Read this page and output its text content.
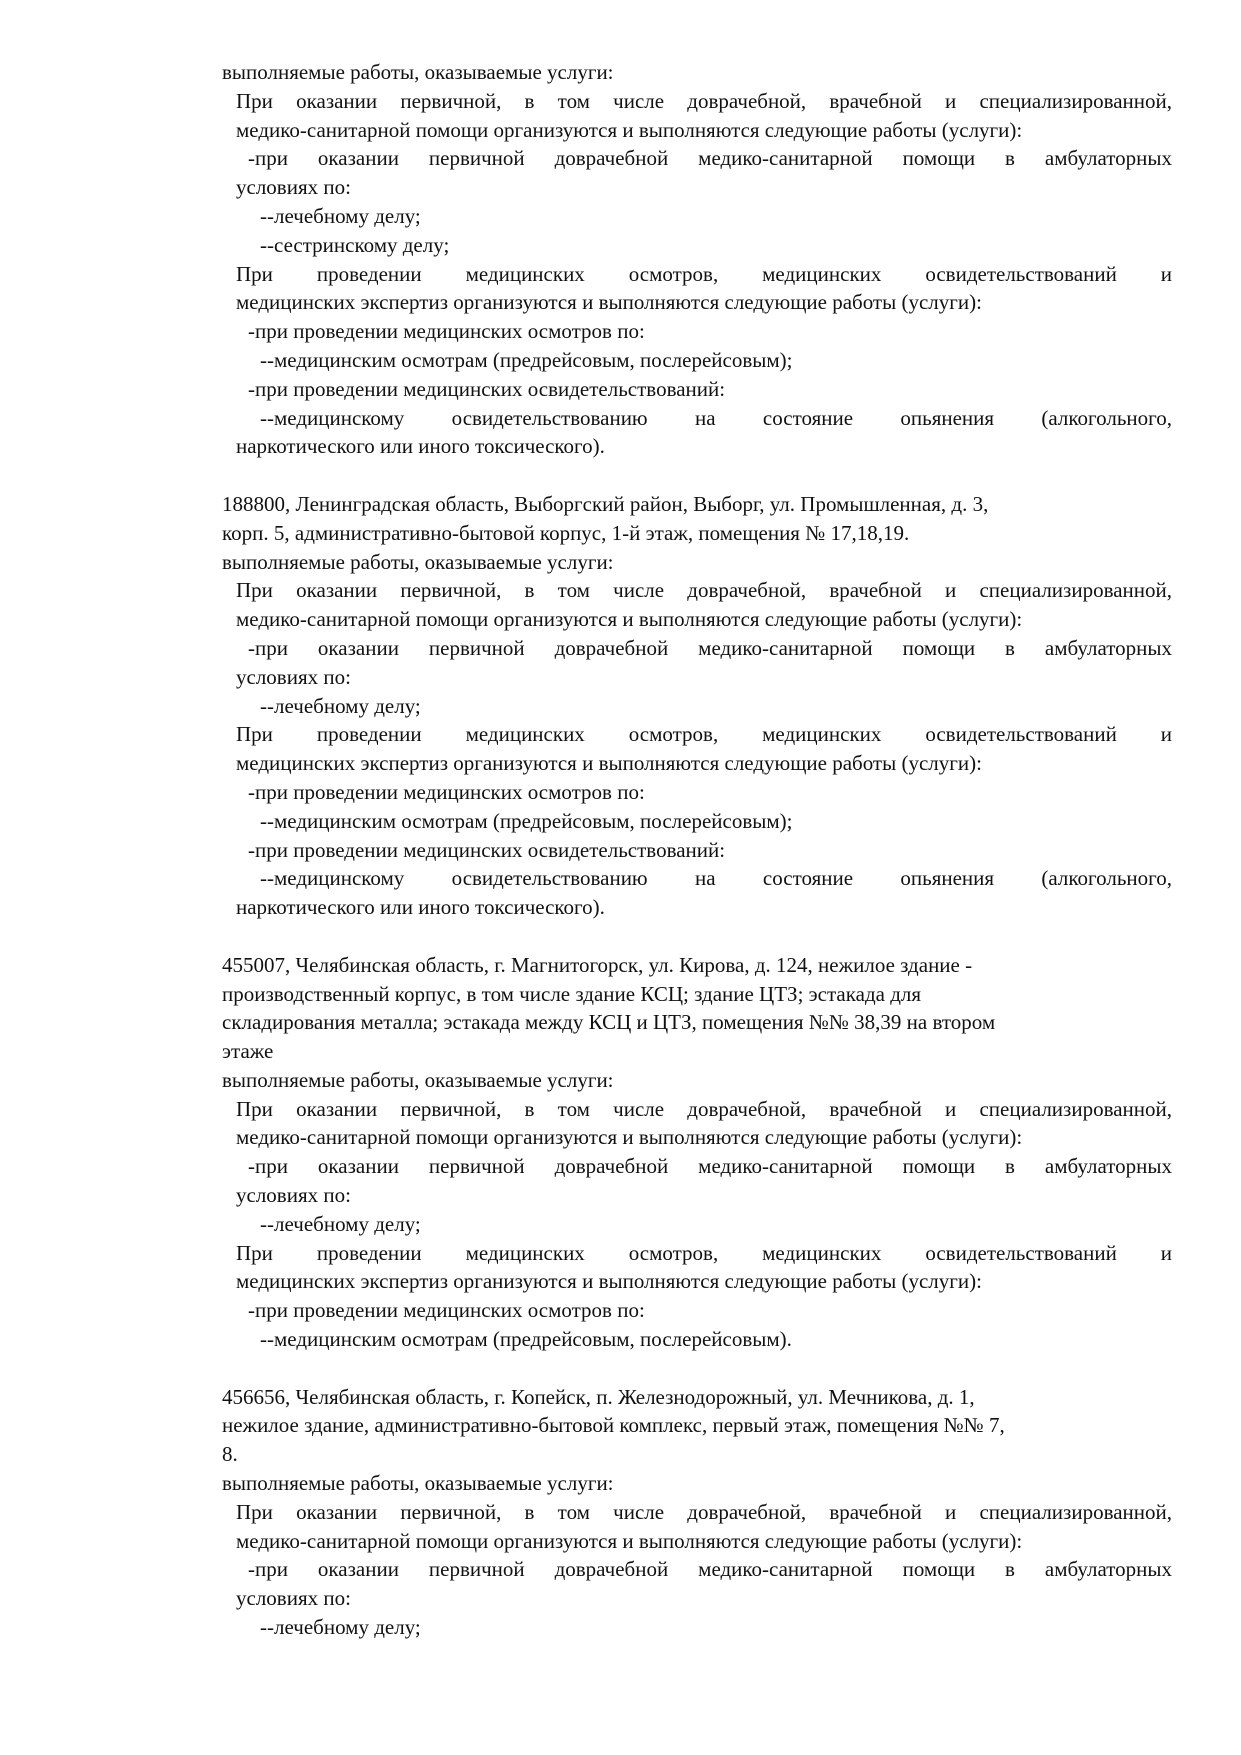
выполняемые работы, оказываемые услуги:
При оказании первичной, в том числе доврачебной, врачебной и специализированной,
медико-санитарной помощи организуются и выполняются следующие работы (услуги):
-при оказании первичной доврачебной медико-санитарной помощи в амбулаторных
условиях по:
--лечебному делу;
--сестринскому делу;
При проведении медицинских осмотров, медицинских освидетельствований и
медицинских экспертиз организуются и выполняются следующие работы (услуги):
-при проведении медицинских осмотров по:
--медицинским осмотрам (предрейсовым, послерейсовым);
-при проведении медицинских освидетельствований:
--медицинскому освидетельствованию на состояние опьянения (алкогольного,
наркотического или иного токсического).
188800, Ленинградская область, Выборгский район, Выборг, ул. Промышленная, д. 3,
корп. 5, административно-бытовой корпус, 1-й этаж, помещения № 17,18,19.
выполняемые работы, оказываемые услуги:
При оказании первичной, в том числе доврачебной, врачебной и специализированной,
медико-санитарной помощи организуются и выполняются следующие работы (услуги):
-при оказании первичной доврачебной медико-санитарной помощи в амбулаторных
условиях по:
--лечебному делу;
При проведении медицинских осмотров, медицинских освидетельствований и
медицинских экспертиз организуются и выполняются следующие работы (услуги):
-при проведении медицинских осмотров по:
--медицинским осмотрам (предрейсовым, послерейсовым);
-при проведении медицинских освидетельствований:
--медицинскому освидетельствованию на состояние опьянения (алкогольного,
наркотического или иного токсического).
455007, Челябинская область, г. Магнитогорск, ул. Кирова, д. 124, нежилое здание -
производственный корпус, в том числе здание КСЦ; здание ЦТЗ; эстакада для
складирования металла; эстакада между КСЦ и ЦТЗ, помещения №№ 38,39 на втором
этаже
выполняемые работы, оказываемые услуги:
При оказании первичной, в том числе доврачебной, врачебной и специализированной,
медико-санитарной помощи организуются и выполняются следующие работы (услуги):
-при оказании первичной доврачебной медико-санитарной помощи в амбулаторных
условиях по:
--лечебному делу;
При проведении медицинских осмотров, медицинских освидетельствований и
медицинских экспертиз организуются и выполняются следующие работы (услуги):
-при проведении медицинских осмотров по:
--медицинским осмотрам (предрейсовым, послерейсовым).
456656, Челябинская область, г. Копейск, п. Железнодорожный, ул. Мечникова, д. 1,
нежилое здание, административно-бытовой комплекс, первый этаж, помещения №№ 7,
8.
выполняемые работы, оказываемые услуги:
При оказании первичной, в том числе доврачебной, врачебной и специализированной,
медико-санитарной помощи организуются и выполняются следующие работы (услуги):
-при оказании первичной доврачебной медико-санитарной помощи в амбулаторных
условиях по:
--лечебному делу;
